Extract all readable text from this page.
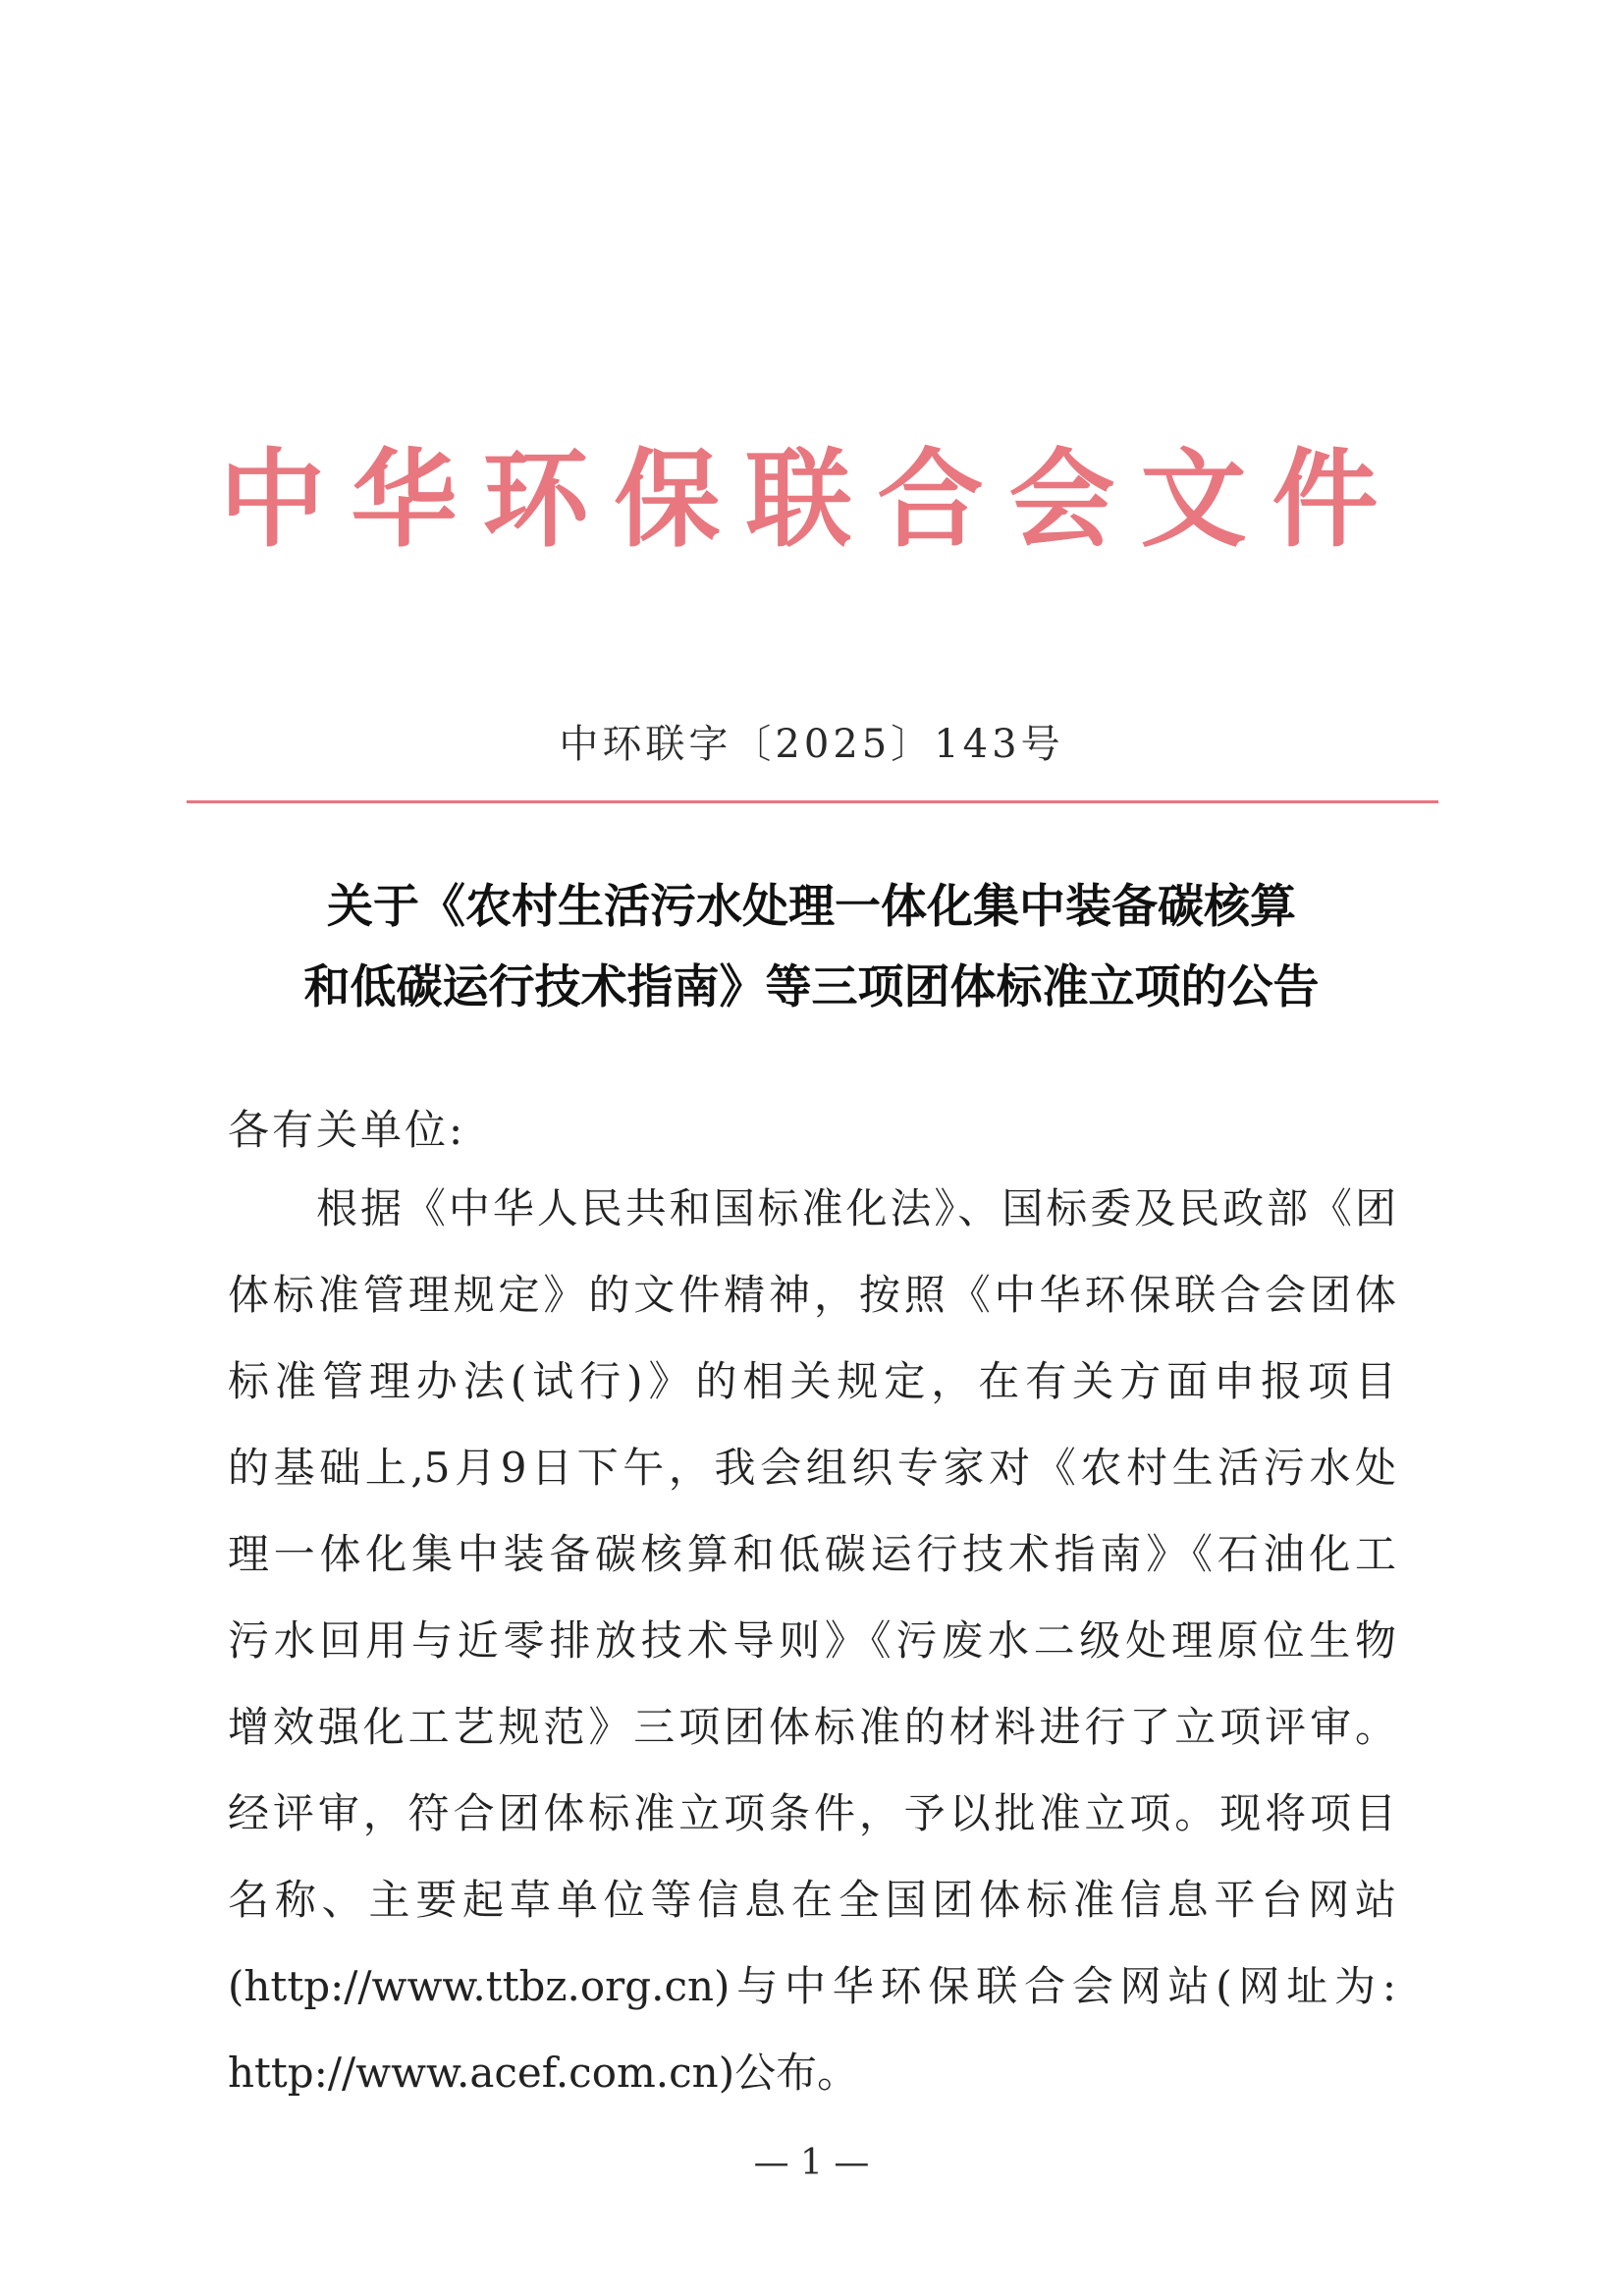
中华环保联合会文件
中环联字〔2025〕143号
关于《农村生活污水处理一体化集中装备碳核算
和低碳运行技术指南》等三项团体标准立项的公告
各有关单位:
根据《中华人民共和国标准化法》、国标委及民政部《团
体标准管理规定》的文件精神，按照《中华环保联合会团体
标准管理办法(试行)》的相关规定，在有关方面申报项目
的基础上,5月9日下午，我会组织专家对《农村生活污水处
理一体化集中装备碳核算和低碳运行技术指南》《石油化工
污水回用与近零排放技术导则》《污废水二级处理原位生物
增效强化工艺规范》三项团体标准的材料进行了立项评审。
经评审，符合团体标准立项条件，予以批准立项。现将项目
名称、主要起草单位等信息在全国团体标准信息平台网站
(http://www.ttbz.org.cn)与中华环保联合会网站(网址为:
http://www.acef.com.cn)公布。
— 1 —
